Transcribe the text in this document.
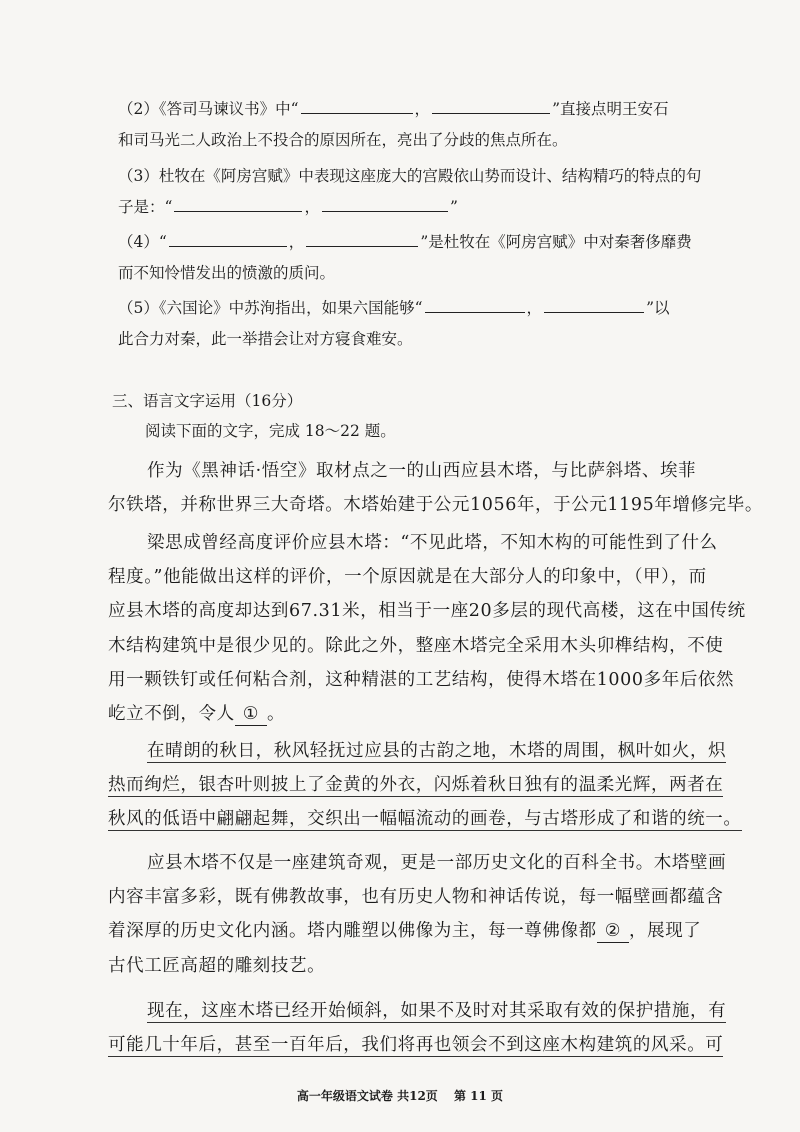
（2）《答司马谏议书》中“	，	”直接点明王安石
和司马光二人政治上不投合的原因所在，亮出了分歧的焦点所在。
（3）杜牧在《阿房宫赋》中表现这座庞大的宫殿依山势而设计、结构精巧的特点的句
子是：“	，	”
（4）“	，	”是杜牧在《阿房宫赋》中对秦奢侈靡费
而不知怜惜发出的愤激的质问。
（5）《六国论》中苏洵指出，如果六国能够“	，	”以
此合力对秦，此一举措会让对方寝食难安。
三、语言文字运用（16分）
阅读下面的文字，完成 18～22 题。
作为《黑神话·悟空》取材点之一的山西应县木塔，与比萨斜塔、埃菲
尔铁塔，并称世界三大奇塔。木塔始建于公元1056年，于公元1195年增修完毕。
梁思成曾经高度评价应县木塔：“不见此塔，不知木构的可能性到了什么
程度。”他能做出这样的评价，一个原因就是在大部分人的印象中，（甲），而
应县木塔的高度却达到67.31米，相当于一座20多层的现代高楼，这在中国传统
木结构建筑中是很少见的。除此之外，整座木塔完全采用木头卯榫结构，不使
用一颗铁钉或任何粘合剂，这种精湛的工艺结构，使得木塔在1000多年后依然
屹立不倒，令人 ① 。
在晴朗的秋日，秋风轻抚过应县的古韵之地，木塔的周围，枫叶如火，炽
热而绚烂，银杏叶则披上了金黄的外衣，闪烁着秋日独有的温柔光辉，两者在
秋风的低语中翩翩起舞，交织出一幅幅流动的画卷，与古塔形成了和谐的统一。
应县木塔不仅是一座建筑奇观，更是一部历史文化的百科全书。木塔壁画
内容丰富多彩，既有佛教故事，也有历史人物和神话传说，每一幅壁画都蕴含
着深厚的历史文化内涵。塔内雕塑以佛像为主，每一尊佛像都 ② ，展现了
古代工匠高超的雕刻技艺。
现在，这座木塔已经开始倾斜，如果不及时对其采取有效的保护措施，有
可能几十年后，甚至一百年后，我们将再也领会不到这座木构建筑的风采。可
高一年级语文试卷 共12页 第 11 页
